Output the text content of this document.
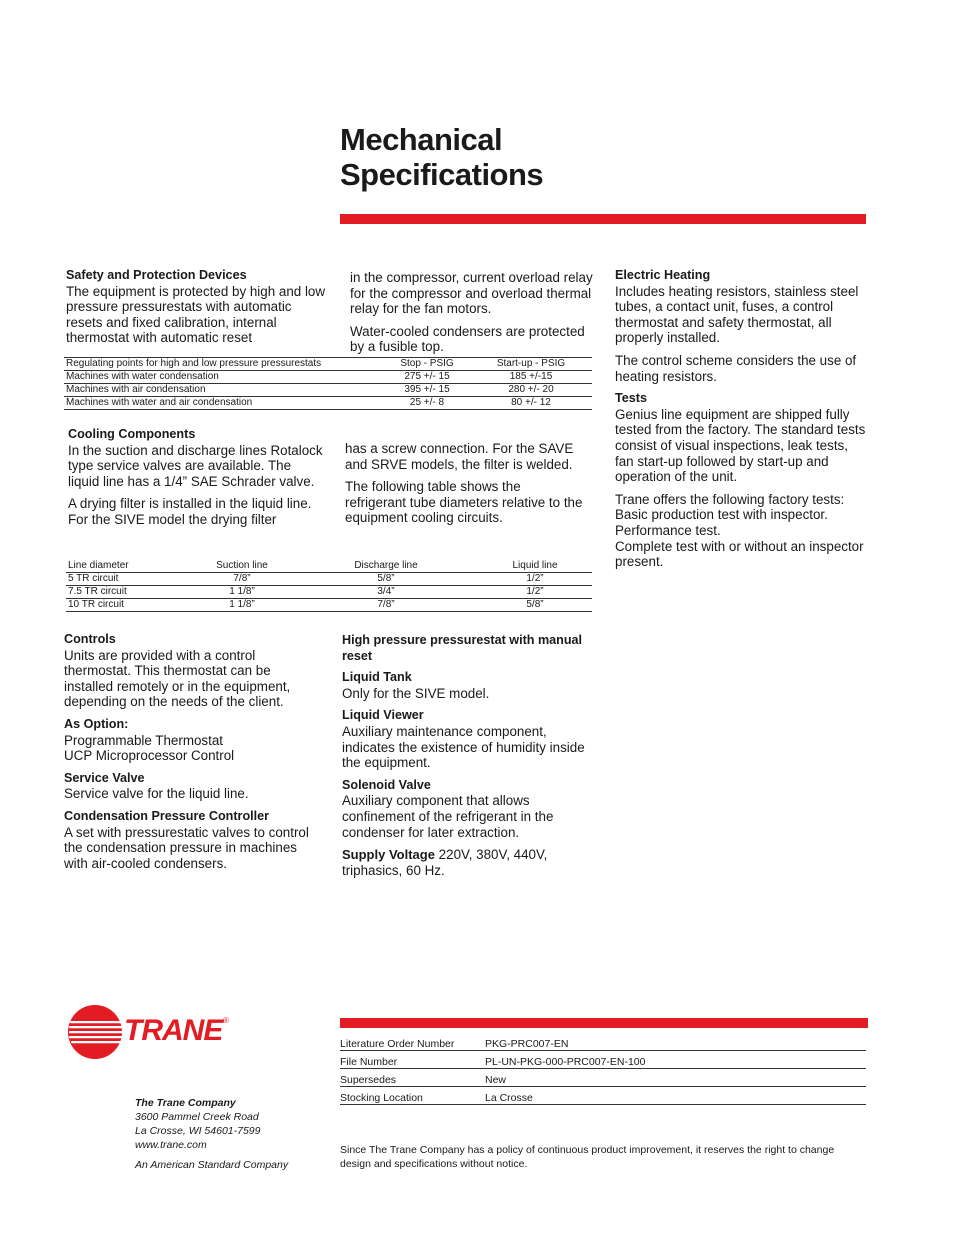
Mechanical
Specifications
Safety and Protection Devices

The equipment is protected by high and low pressure pressurestats with automatic resets and fixed calibration, internal thermostat with automatic reset

in the compressor, current overload relay for the compressor and overload thermal relay for the fan motors.

Water-cooled condensers are protected by a fusible top.

Regulating points for high and low pressure pressurestats	Stop - PSIG	Start-up - PSIG
Machines with water condensation	275 +/- 15	185 +/-15
Machines with air condensation	395 +/- 15	280 +/- 20
Machines with water and air condensation	25 +/- 8	80 +/- 12
Cooling Components

In the suction and discharge lines Rotalock type service valves are available. The liquid line has a 1/4” SAE Schrader valve.

A drying filter is installed in the liquid line. For the SIVE model the drying filter

has a screw connection. For the SAVE and SRVE models, the filter is welded.

The following table shows the refrigerant tube diameters relative to the equipment cooling circuits.

Line diameter	Suction line	Discharge line	Liquid line
5 TR circuit	7/8”	5/8”	1/2”
7.5 TR circuit	1 1/8”	3/4”	1/2”
10 TR circuit	1 1/8”	7/8”	5/8”
Controls

Units are provided with a control thermostat. This thermostat can be installed remotely or in the equipment, depending on the needs of the client.

As Option:
Programmable Thermostat

UCP Microprocessor Control

Service Valve

Service valve for the liquid line.

Condensation Pressure Controller

A set with pressurestatic valves to control the condensation pressure in machines with air-cooled condensers.

High pressure pressurestat with manual reset

Liquid Tank

Only for the SIVE model.

Liquid Viewer

Auxiliary maintenance component, indicates the existence of humidity inside the equipment.

Solenoid Valve

Auxiliary component that allows confinement of the refrigerant in the condenser for later extraction.

Supply Voltage 220V, 380V, 440V, triphasics, 60 Hz.

Electric Heating

Includes heating resistors, stainless steel tubes, a contact unit, fuses, a control thermostat and safety thermostat, all properly installed.

The control scheme considers the use of heating resistors.

Tests

Genius line equipment are shipped fully tested from the factory. The standard tests consist of visual inspections, leak tests, fan start-up followed by start-up and operation of the unit.

Trane offers the following factory tests:
Basic production test with inspector.
Performance test.
Complete test with or without an inspector present.
TRANE ®
The Trane Company
3600 Pammel Creek Road
La Crosse, WI 54601-7599
www.trane.com
An American Standard Company
Literature Order Number	PKG-PRC007-EN
File Number	PL-UN-PKG-000-PRC007-EN-100
Supersedes	New
Stocking Location	La Crosse
Since The Trane Company has a policy of continuous product improvement, it reserves the right to change design and specifications without notice.
